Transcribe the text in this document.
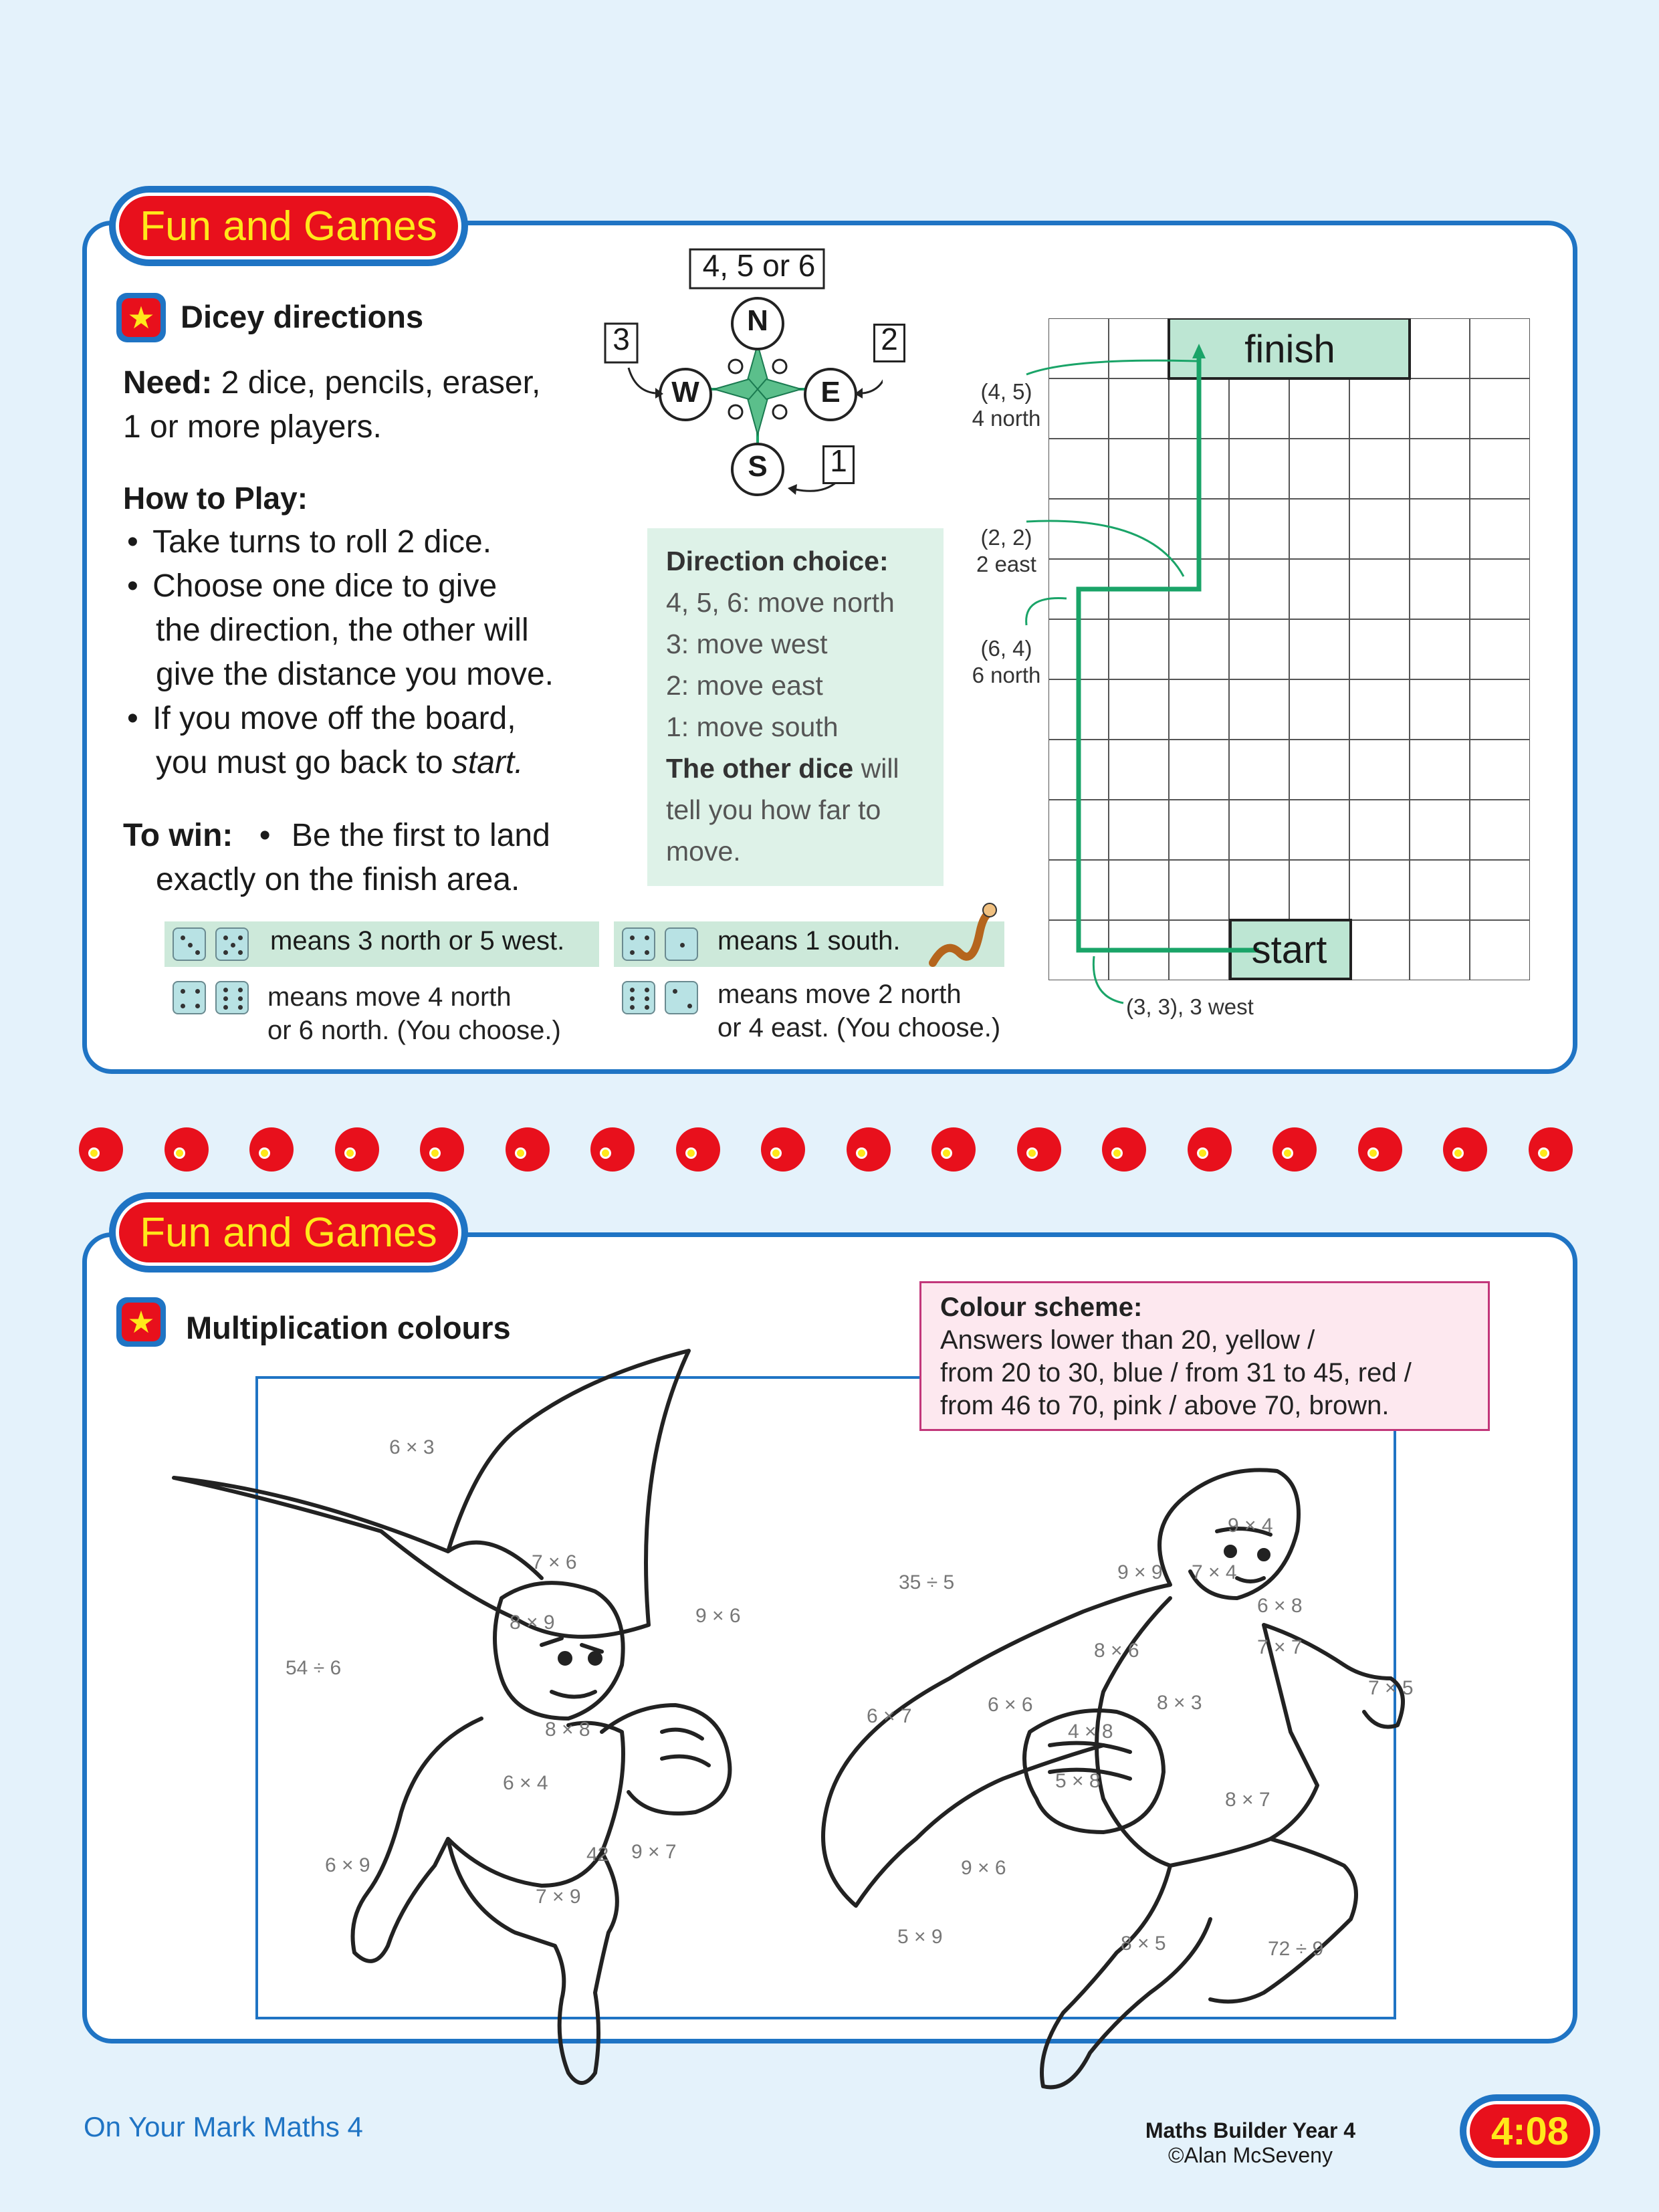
Fun and Games
★ Dicey directions
Need: 2 dice, pencils, eraser,
1 or more players.
How to Play:
• Take turns to roll 2 dice.
• Choose one dice to give
the direction, the other will
give the distance you move.
• If you move off the board,
you must go back to start.
To win: • Be the first to land
exactly on the finish area.
4, 5 or 6
3	2
1
N
S
W	E
Direction choice:
4, 5, 6: move north
3: move west
2: move east
1: move south
The other dice will
tell you how far to
move.
means 3 north or 5 west.	means 1 south.
means move 4 north
or 6 north. (You choose.)
means move 2 north
or 4 east. (You choose.)
finish
start
(4, 5)
4 north
(2, 2)
2 east
(6, 4)
6 north
(3, 3), 3 west
Fun and Games
★ Multiplication colours
Colour scheme:
Answers lower than 20, yellow /
from 20 to 30, blue / from 31 to 45, red /
from 46 to 70, pink / above 70, brown.
6 × 3
7 × 6
54 ÷ 6
8 × 9	9 × 6
8 × 8
6 × 4
6 × 9	42 9 × 7
7 × 9
35 ÷ 5
9 × 4
9 × 9 7 × 4
6 × 8
7 × 7
8 × 6
7 × 5
6 × 7
6 × 6
4 × 8
8 × 3
5 × 8
8 × 7
9 × 6
5 × 9	8 × 5	72 ÷ 9
On Your Mark Maths 4	Maths Builder Year 4
©Alan McSeveny
4:08
